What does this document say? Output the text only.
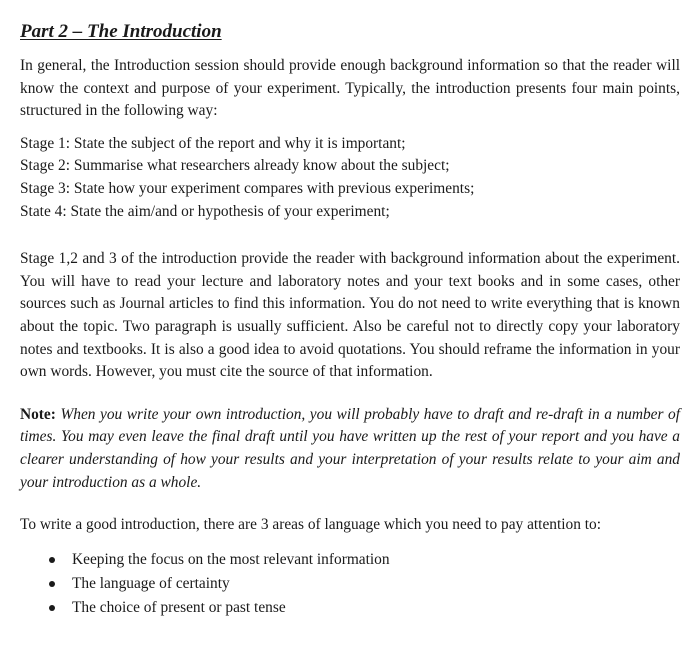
Part 2 – The Introduction

In general, the Introduction session should provide enough background information so that the reader will know the context and purpose of your experiment. Typically, the introduction presents four main points, structured in the following way:

Stage 1: State the subject of the report and why it is important;
Stage 2: Summarise what researchers already know about the subject;
Stage 3: State how your experiment compares with previous experiments;
State 4: State the aim/and or hypothesis of your experiment;

Stage 1,2 and 3 of the introduction provide the reader with background information about the experiment. You will have to read your lecture and laboratory notes and your text books and in some cases, other sources such as Journal articles to find this information. You do not need to write everything that is known about the topic. Two paragraph is usually sufficient. Also be careful not to directly copy your laboratory notes and textbooks. It is also a good idea to avoid quotations. You should reframe the information in your own words. However, you must cite the source of that information.

Note: When you write your own introduction, you will probably have to draft and re-draft in a number of times. You may even leave the final draft until you have written up the rest of your report and you have a clearer understanding of how your results and your interpretation of your results relate to your aim and your introduction as a whole.

To write a good introduction, there are 3 areas of language which you need to pay attention to:

Keeping the focus on the most relevant information
The language of certainty
The choice of present or past tense
